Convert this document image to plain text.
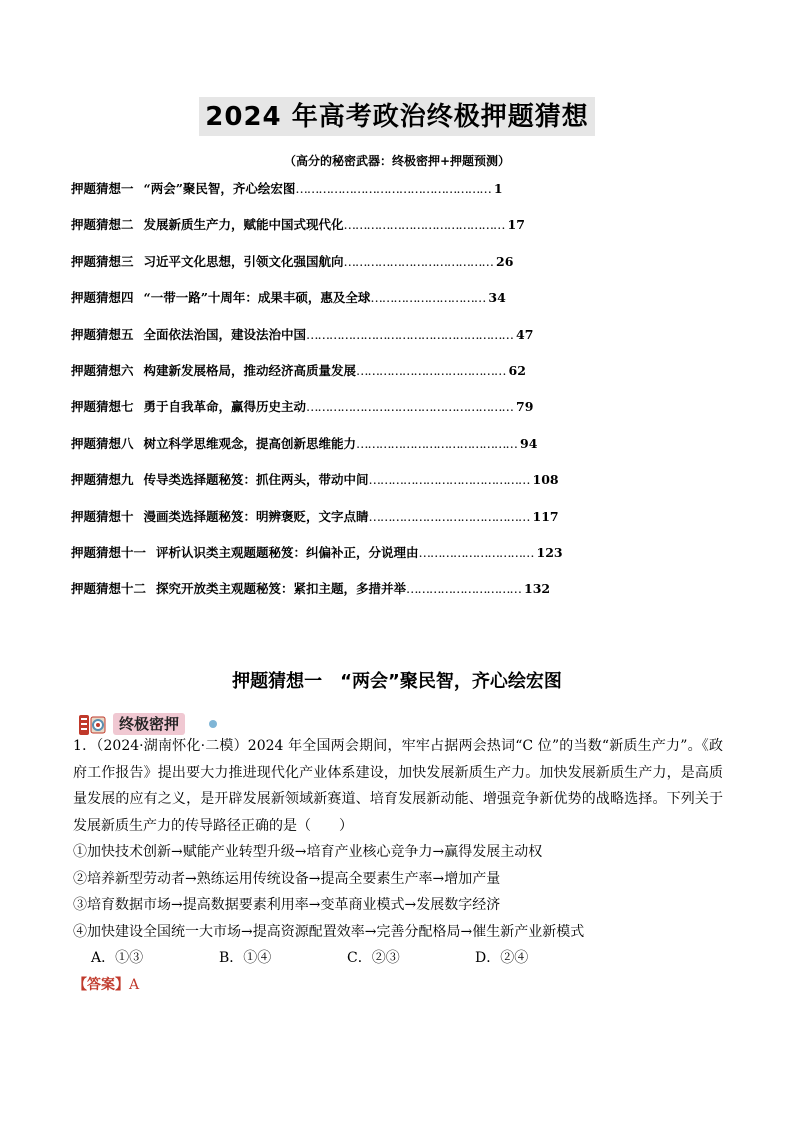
2024 年高考政治终极押题猜想
（高分的秘密武器：终极密押+押题预测）
押题猜想一 “两会”聚民智，齐心绘宏图…………………………………………… 1
押题猜想二 发展新质生产力，赋能中国式现代化…………………………………… 17
押题猜想三 习近平文化思想，引领文化强国航向………………………………… 26
押题猜想四 “一带一路”十周年：成果丰硕，惠及全球………………………… 34
押题猜想五 全面依法治国，建设法治中国……………………………………………… 47
押题猜想六 构建新发展格局，推动经济高质量发展………………………………… 62
押题猜想七 勇于自我革命，赢得历史主动……………………………………………… 79
押题猜想八 树立科学思维观念，提高创新思维能力…………………………………… 94
押题猜想九 传导类选择题秘笈：抓住两头，带动中间…………………………………… 108
押题猜想十 漫画类选择题秘笈：明辨褒贬，文字点睛…………………………………… 117
押题猜想十一 评析认识类主观题题秘笈：纠偏补正，分说理由………………………… 123
押题猜想十二 探究开放类主观题秘笈：紧扣主题，多措并举………………………… 132
押题猜想一　“两会”聚民智，齐心绘宏图
终极密押

1．（2024·湖南怀化·二模）2024 年全国两会期间，牢牢占据两会热词“C 位”的当数“新质生产力”。《政府工作报告》提出要大力推进现代化产业体系建设，加快发展新质生产力。加快发展新质生产力，是高质量发展的应有之义，是开辟发展新领域新赛道、培育发展新动能、增强竞争新优势的战略选择。下列关于发展新质生产力的传导路径正确的是（　　）

①加快技术创新→赋能产业转型升级→培育产业核心竞争力→赢得发展主动权

②培养新型劳动者→熟练运用传统设备→提高全要素生产率→增加产量

③培育数据市场→提高数据要素利用率→变革商业模式→发展数字经济

④加快建设全国统一大市场→提高资源配置效率→完善分配格局→催生新产业新模式

A．①③	B．①④	C．②③	D．②④

【答案】A
